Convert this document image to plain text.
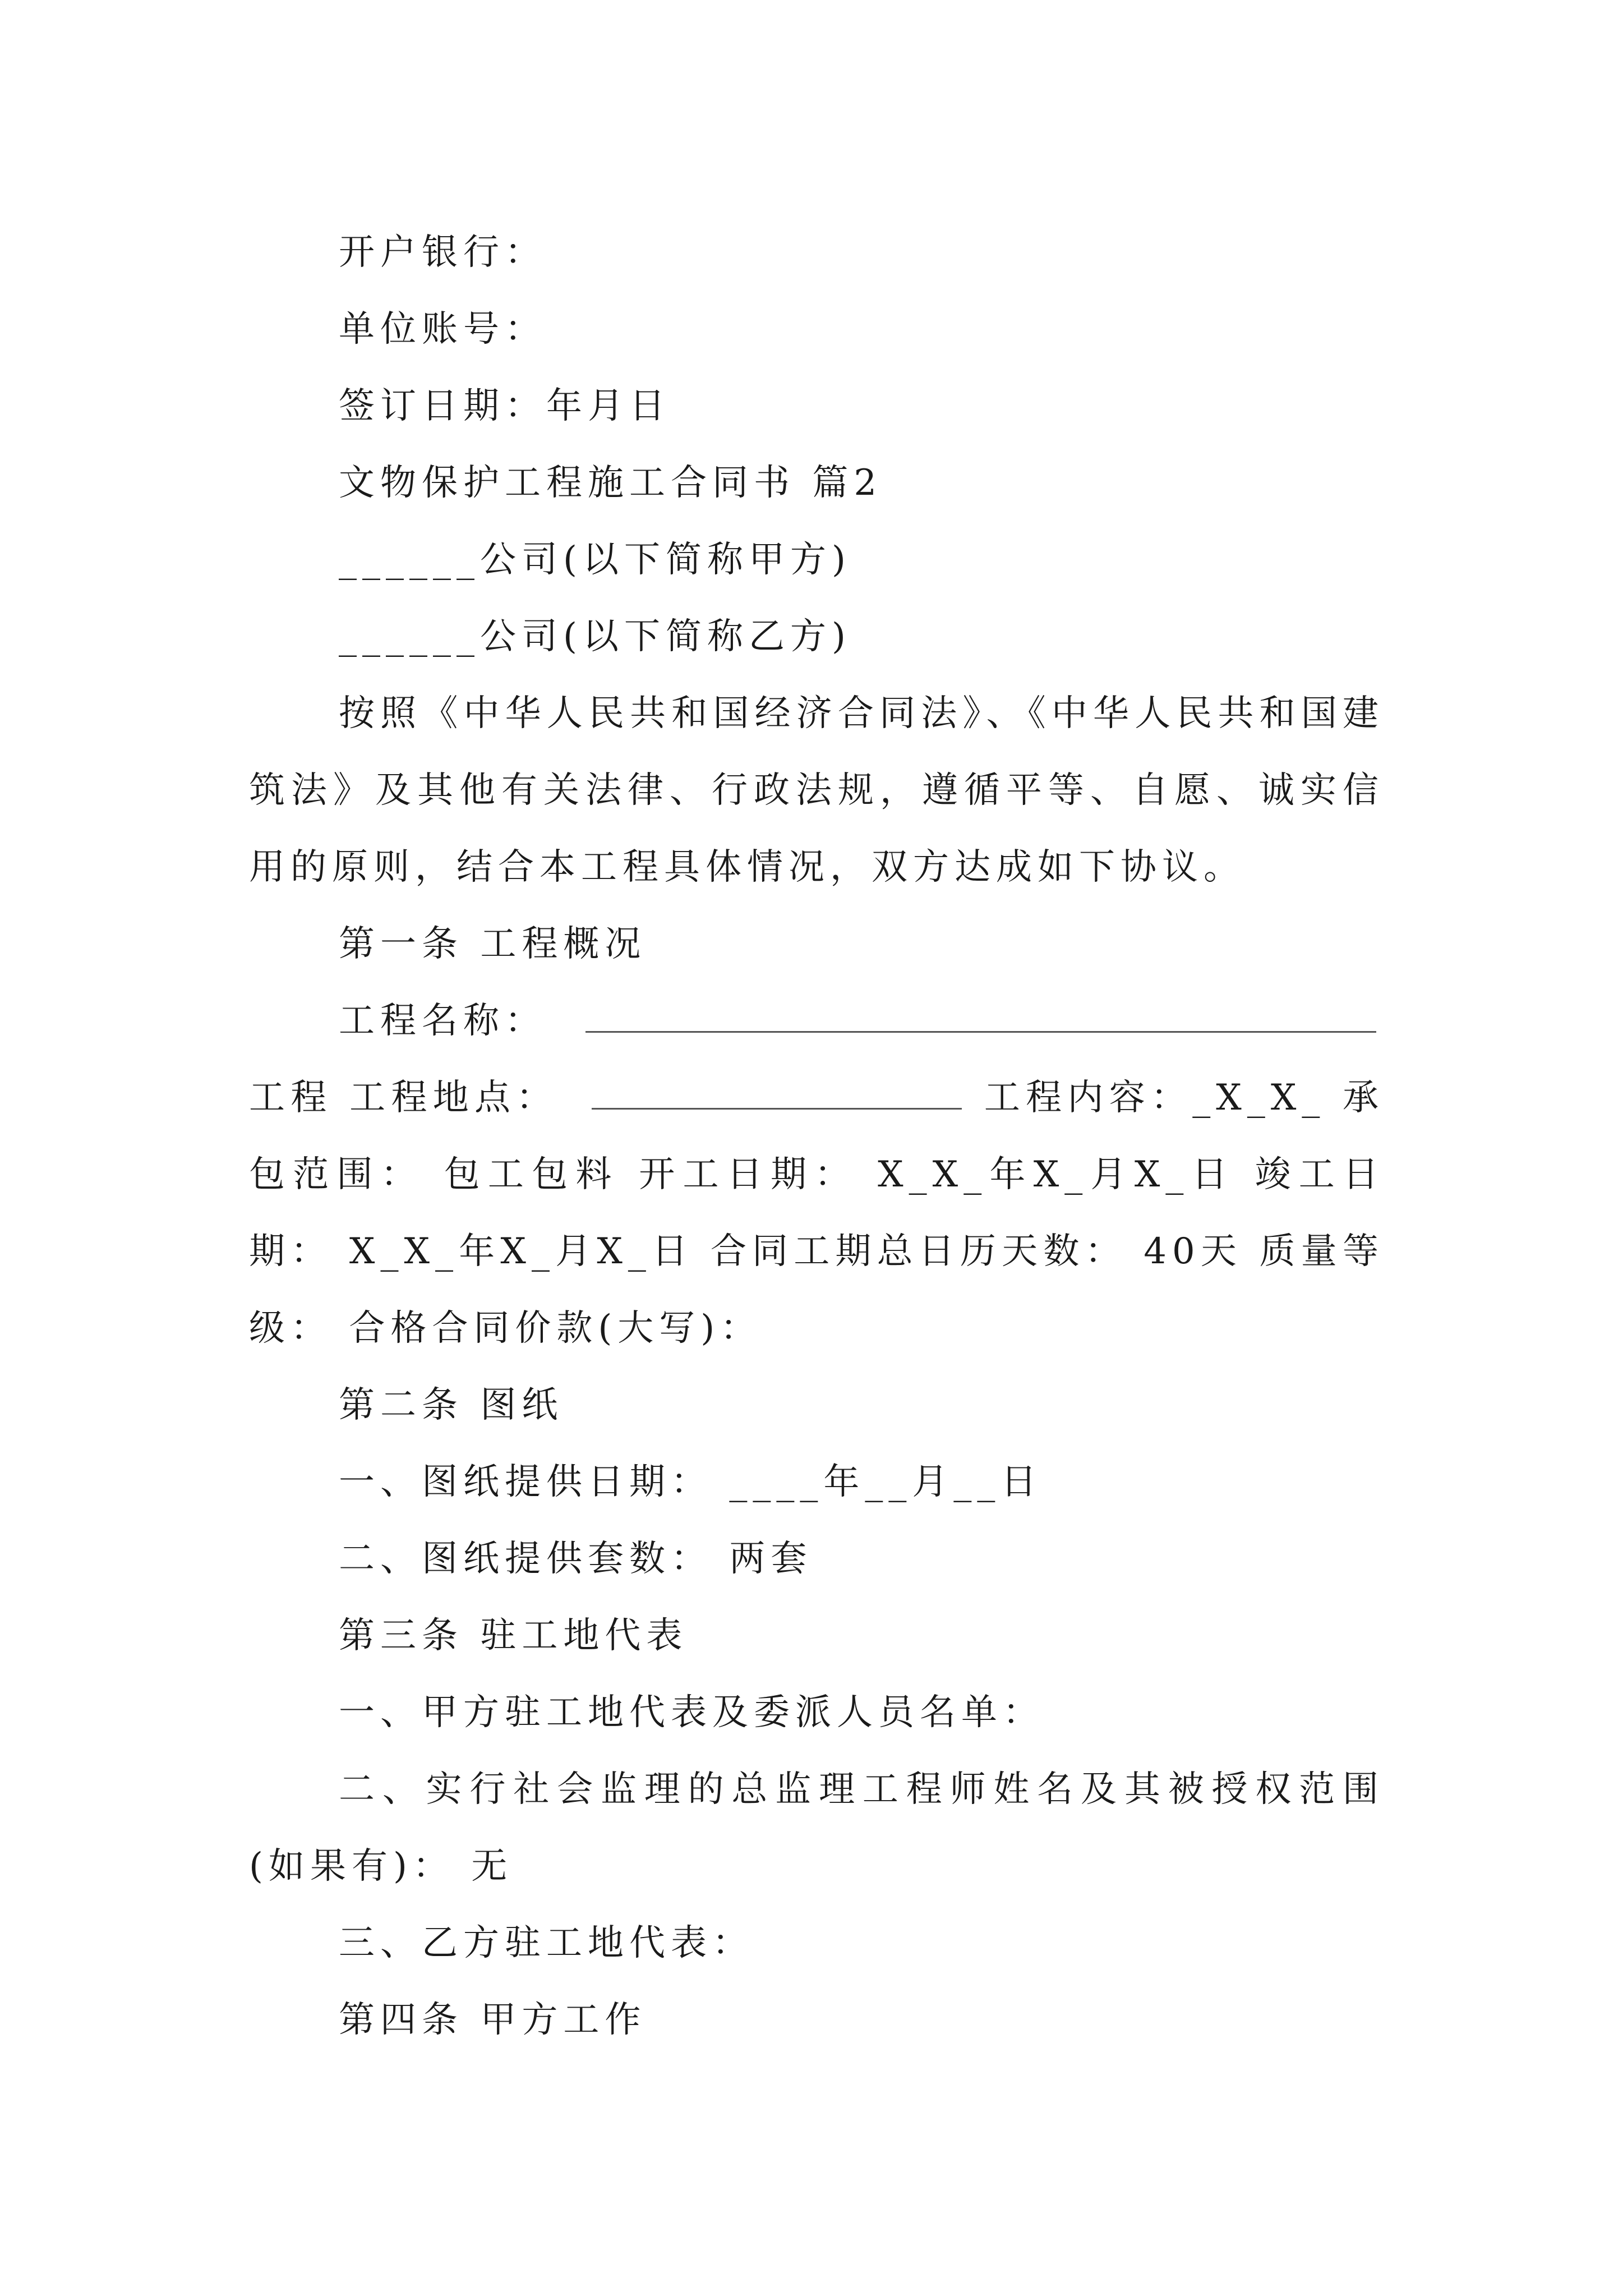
开户银行：
单位账号：
签订日期：年月日
文物保护工程施工合同书 篇2
______公司(以下简称甲方)
______公司(以下简称乙方)
按照《中华人民共和国经济合同法》、《中华人民共和国建筑法》及其他有关法律、行政法规，遵循平等、自愿、诚实信用的原则，结合本工程具体情况，双方达成如下协议。
第一条 工程概况
工程名称：
工程 工程地点：	工程内容：_X_X_ 承包范围： 包工包料 开工日期： X_X_年X_月X_日 竣工日期： X_X_年X_月X_日 合同工期总日历天数： 40天 质量等级： 合格合同价款(大写)：
第二条 图纸
一、图纸提供日期： ____年__月__日
二、图纸提供套数： 两套
第三条 驻工地代表
一、甲方驻工地代表及委派人员名单：
二、实行社会监理的总监理工程师姓名及其被授权范围(如果有)： 无
三、乙方驻工地代表：
第四条 甲方工作
